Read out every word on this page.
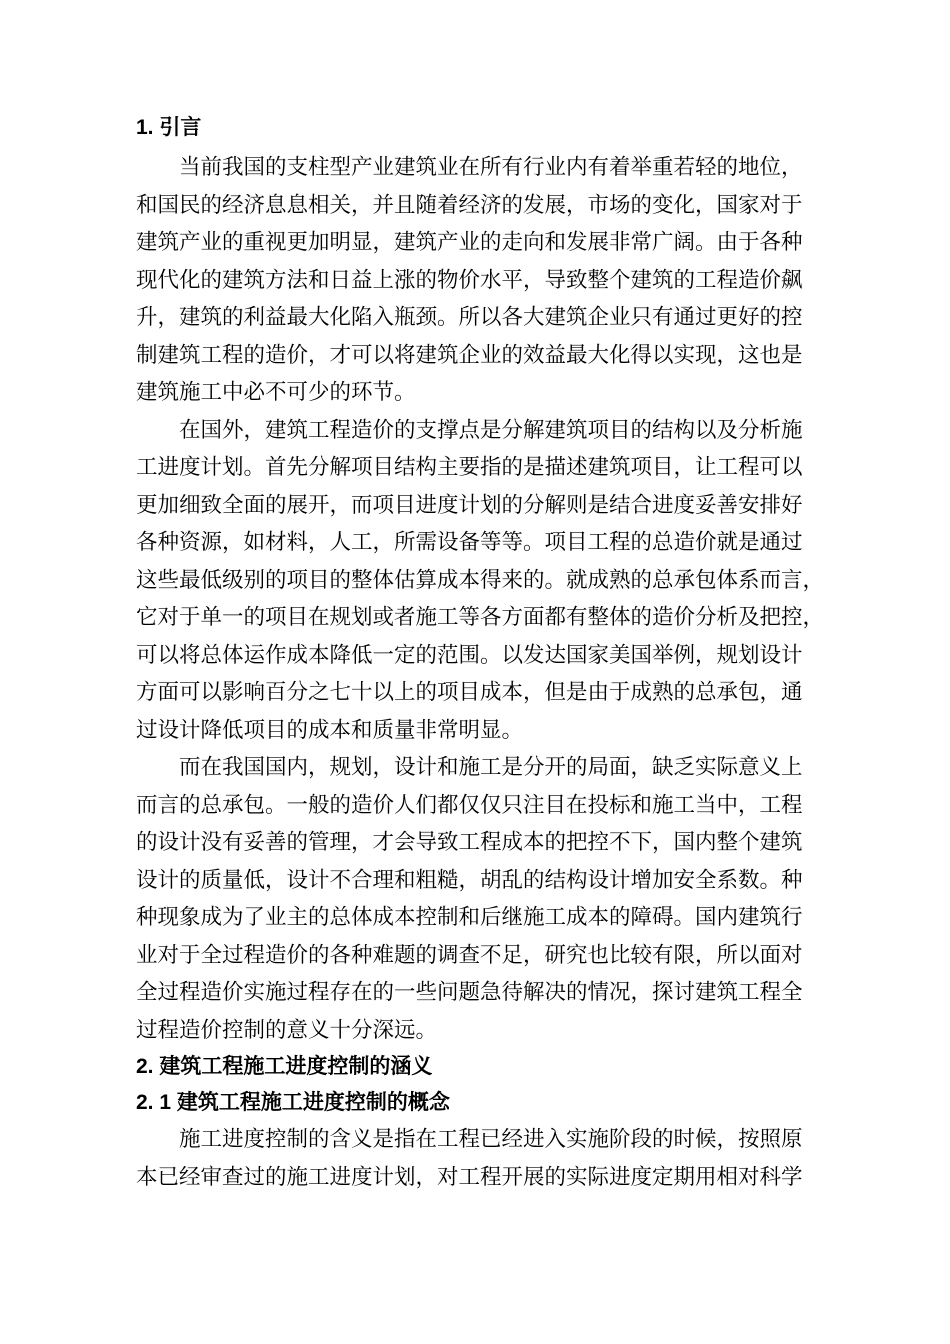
1. 引言
当前我国的支柱型产业建筑业在所有行业内有着举重若轻的地位，
和国民的经济息息相关，并且随着经济的发展，市场的变化，国家对于
建筑产业的重视更加明显，建筑产业的走向和发展非常广阔。由于各种
现代化的建筑方法和日益上涨的物价水平，导致整个建筑的工程造价飙
升，建筑的利益最大化陷入瓶颈。所以各大建筑企业只有通过更好的控
制建筑工程的造价，才可以将建筑企业的效益最大化得以实现，这也是
建筑施工中必不可少的环节。
在国外，建筑工程造价的支撑点是分解建筑项目的结构以及分析施
工进度计划。首先分解项目结构主要指的是描述建筑项目，让工程可以
更加细致全面的展开，而项目进度计划的分解则是结合进度妥善安排好
各种资源，如材料，人工，所需设备等等。项目工程的总造价就是通过
这些最低级别的项目的整体估算成本得来的。就成熟的总承包体系而言，
它对于单一的项目在规划或者施工等各方面都有整体的造价分析及把控，
可以将总体运作成本降低一定的范围。以发达国家美国举例，规划设计
方面可以影响百分之七十以上的项目成本，但是由于成熟的总承包，通
过设计降低项目的成本和质量非常明显。
而在我国国内，规划，设计和施工是分开的局面，缺乏实际意义上
而言的总承包。一般的造价人们都仅仅只注目在投标和施工当中，工程
的设计没有妥善的管理，才会导致工程成本的把控不下，国内整个建筑
设计的质量低，设计不合理和粗糙，胡乱的结构设计增加安全系数。种
种现象成为了业主的总体成本控制和后继施工成本的障碍。国内建筑行
业对于全过程造价的各种难题的调查不足，研究也比较有限，所以面对
全过程造价实施过程存在的一些问题急待解决的情况，探讨建筑工程全
过程造价控制的意义十分深远。
2. 建筑工程施工进度控制的涵义
2. 1 建筑工程施工进度控制的概念
施工进度控制的含义是指在工程已经进入实施阶段的时候，按照原
本已经审查过的施工进度计划，对工程开展的实际进度定期用相对科学
